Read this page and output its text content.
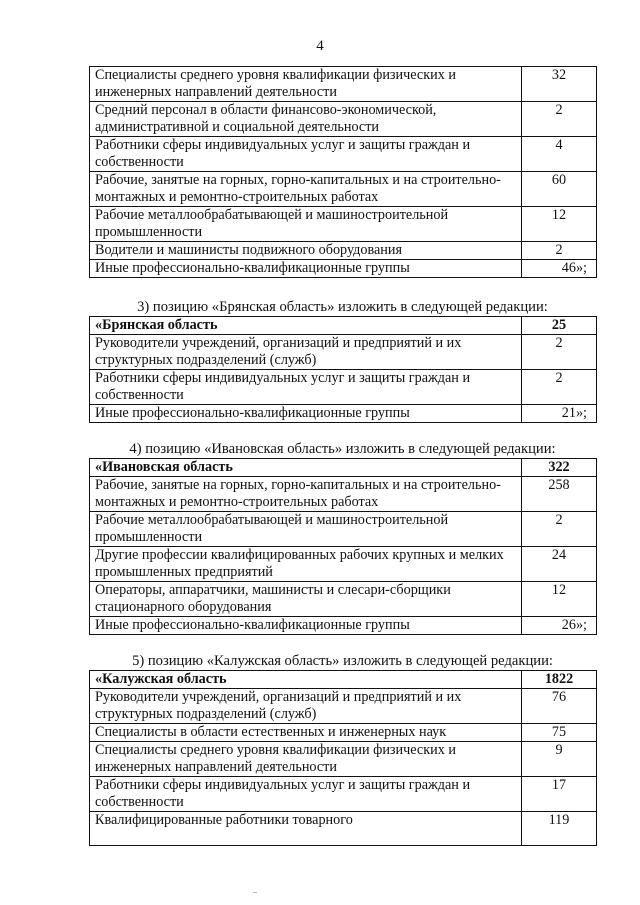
4
Специалисты среднего уровня квалификации физических и инженерных направлений деятельности	32
Средний персонал в области финансово-экономической, административной и социальной деятельности	2
Работники сферы индивидуальных услуг и защиты граждан и собственности	4
Рабочие, занятые на горных, горно-капитальных и на строительно-монтажных и ремонтно-строительных работах	60
Рабочие металлообрабатывающей и машиностроительной промышленности	12
Водители и машинисты подвижного оборудования	2
Иные профессионально-квалификационные группы	46»;
3) позицию «Брянская область» изложить в следующей редакции:
«Брянская область	25
Руководители учреждений, организаций и предприятий и их структурных подразделений (служб)	2
Работники сферы индивидуальных услуг и защиты граждан и собственности	2
Иные профессионально-квалификационные группы	21»;
4) позицию «Ивановская область» изложить в следующей редакции:
«Ивановская область	322
Рабочие, занятые на горных, горно-капитальных и на строительно-монтажных и ремонтно-строительных работах	258
Рабочие металлообрабатывающей и машиностроительной промышленности	2
Другие профессии квалифицированных рабочих крупных и мелких промышленных предприятий	24
Операторы, аппаратчики, машинисты и слесари-сборщики стационарного оборудования	12
Иные профессионально-квалификационные группы	26»;
5) позицию «Калужская область» изложить в следующей редакции:
«Калужская область	1822
Руководители учреждений, организаций и предприятий и их структурных подразделений (служб)	76
Специалисты в области естественных и инженерных наук	75
Специалисты среднего уровня квалификации физических и инженерных направлений деятельности	9
Работники сферы индивидуальных услуг и защиты граждан и собственности	17
Квалифицированные работники товарного	119
